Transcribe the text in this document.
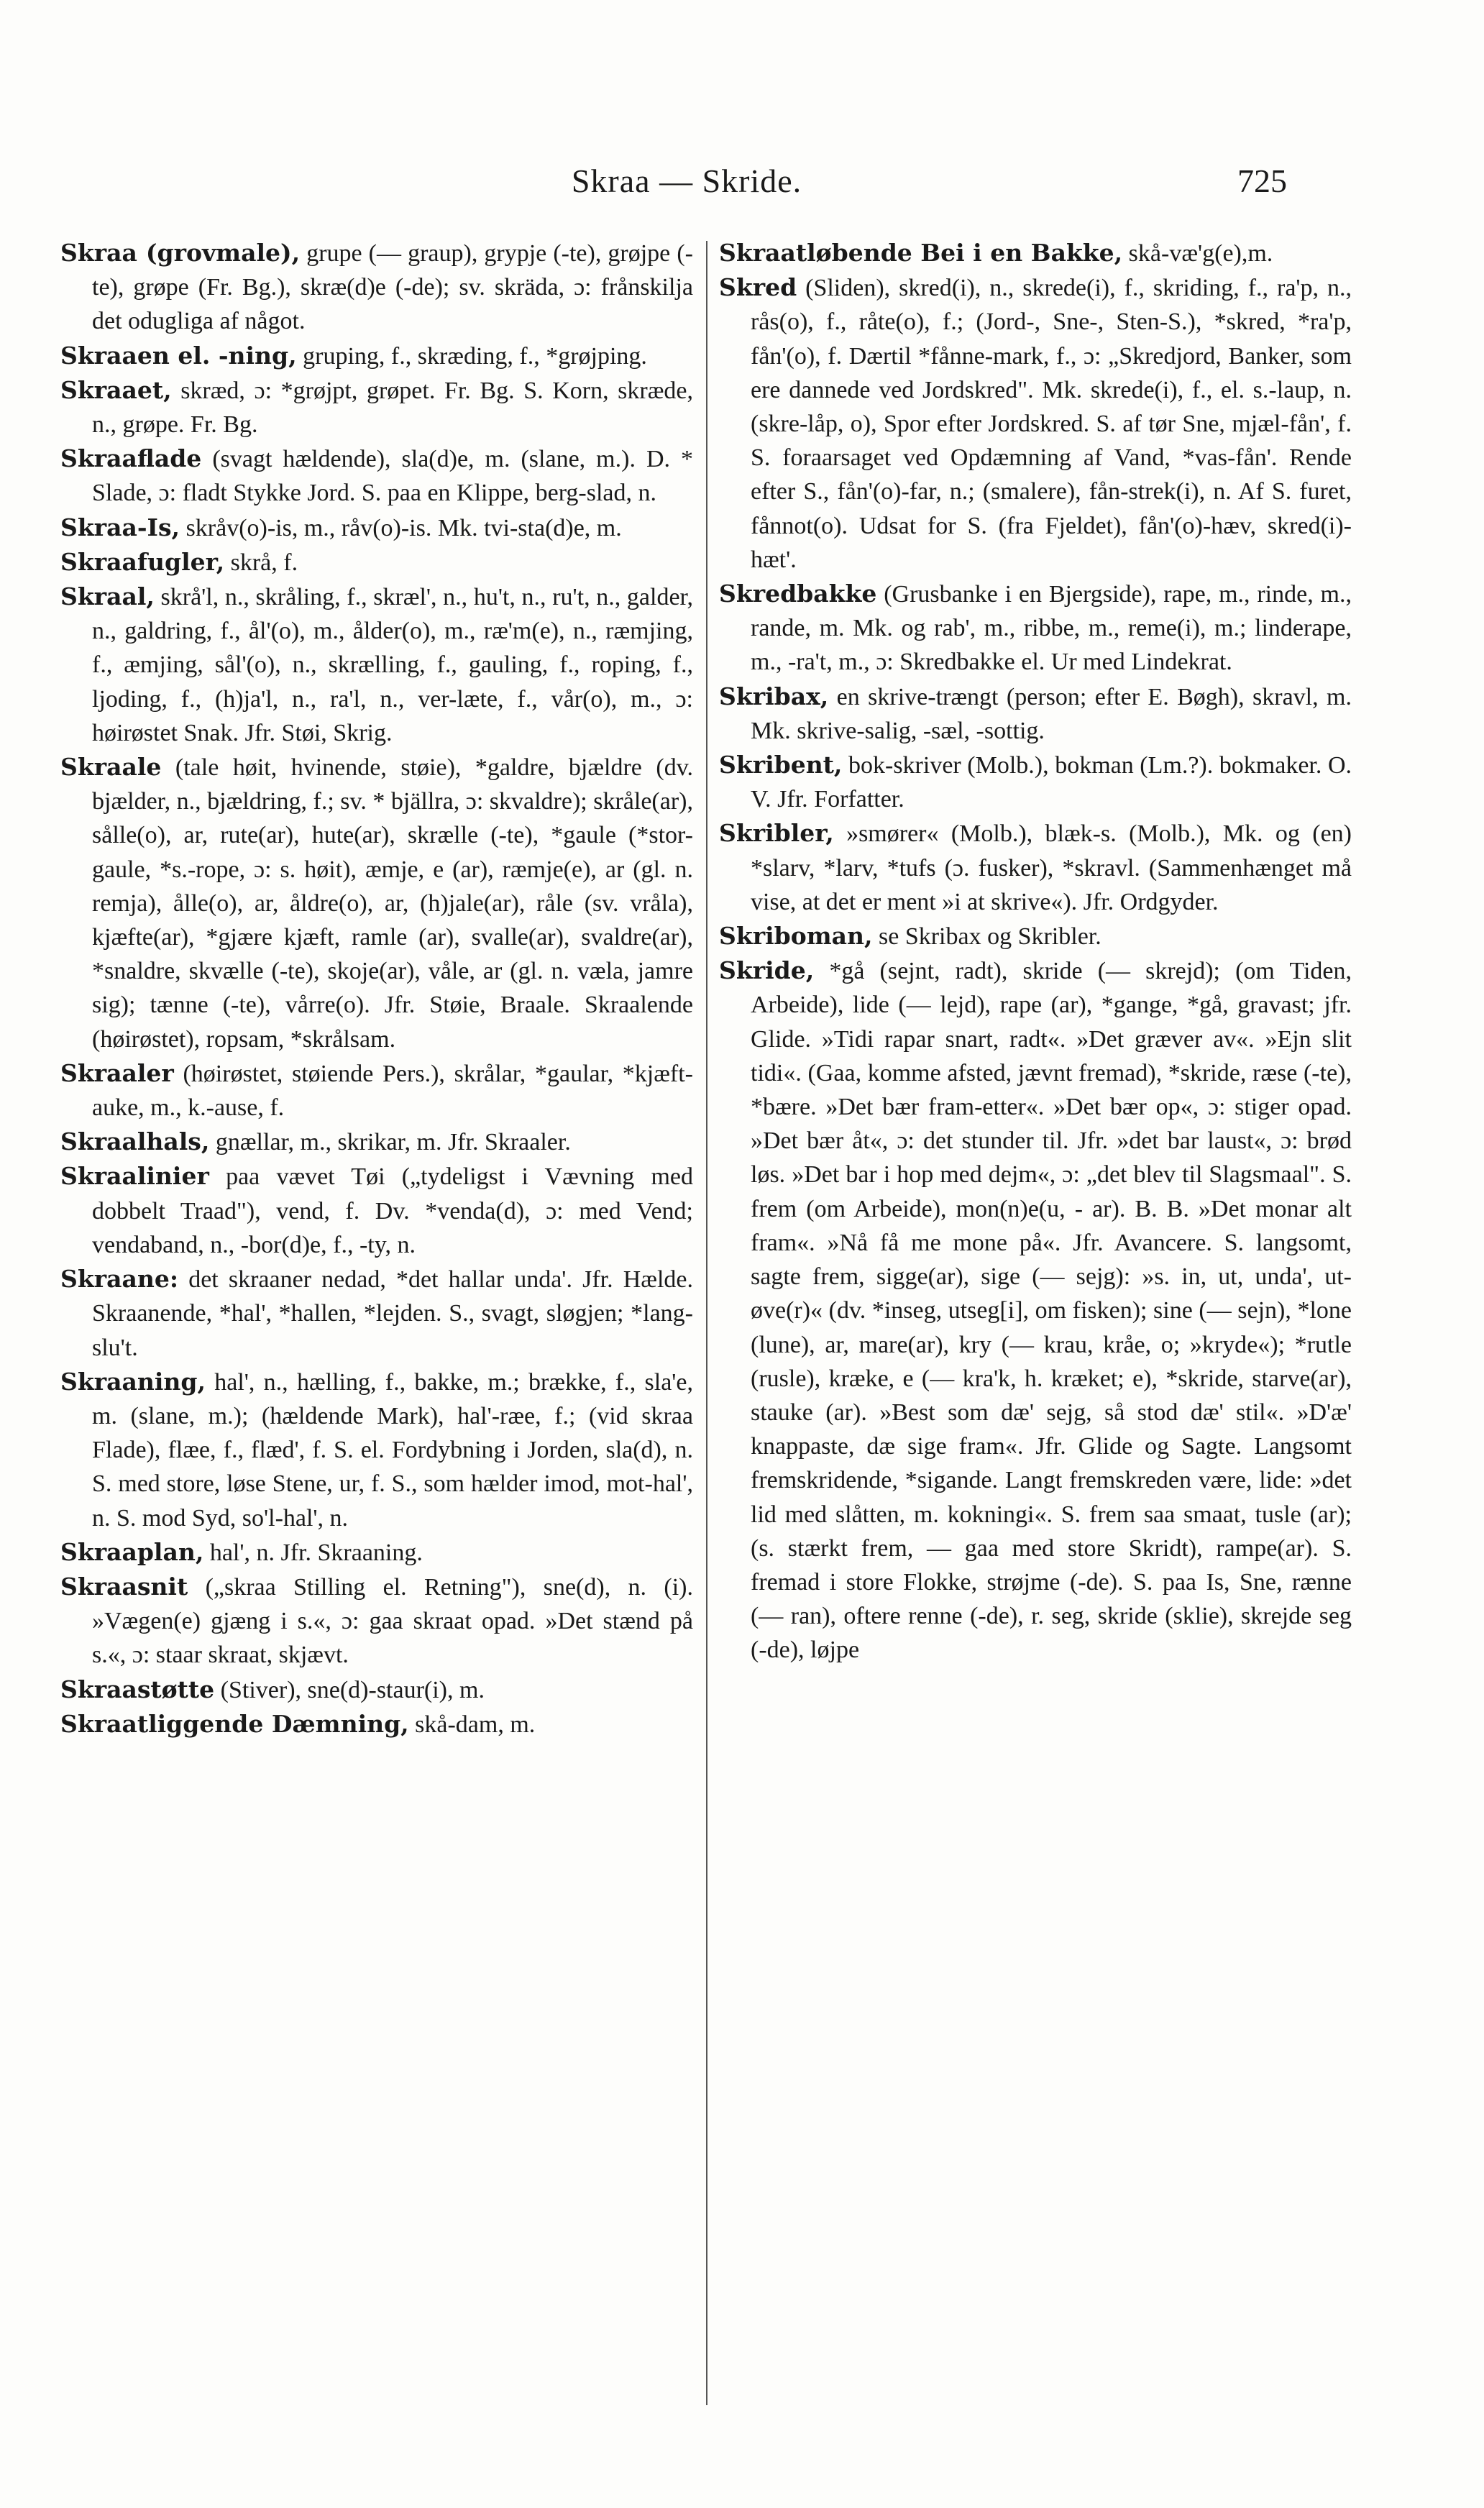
Skraa — Skride.	725

Skraa (grovmale), grupe (— graup), grypje (-te), grøjpe (-te), grøpe (Fr. Bg.), skræ(d)e (-de); sv. skräda, ɔ: frånskilja det odugliga af något.

Skraaen el. -ning, gruping, f., skræding, f., *grøjping.

Skraaet, skræd, ɔ: *grøjpt, grøpet. Fr. Bg. S. Korn, skræde, n., grøpe. Fr. Bg.

Skraaflade (svagt hældende), sla(d)e, m. (slane, m.). D. * Slade, ɔ: fladt Stykke Jord. S. paa en Klippe, berg-slad, n.

Skraa-Is, skråv(o)-is, m., råv(o)-is. Mk. tvi-sta(d)e, m.

Skraafugler, skrå, f.

Skraal, skrå'l, n., skråling, f., skræl', n., hu't, n., ru't, n., galder, n., galdring, f., ål'(o), m., ålder(o), m., ræ'm(e), n., ræmjing, f., æmjing, sål'(o), n., skrælling, f., gauling, f., roping, f., ljoding, f., (h)ja'l, n., ra'l, n., ver-læte, f., vår(o), m., ɔ: høirøstet Snak. Jfr. Støi, Skrig.

Skraale (tale høit, hvinende, støie), *galdre, bjældre (dv. bjælder, n., bjældring, f.; sv. * bjällra, ɔ: skvaldre); skråle(ar), sålle(o), ar, rute(ar), hute(ar), skrælle (-te), *gaule (*stor-gaule, *s.-rope, ɔ: s. høit), æmje, e (ar), ræmje(e), ar (gl. n. remja), ålle(o), ar, åldre(o), ar, (h)jale(ar), råle (sv. vråla), kjæfte(ar), *gjære kjæft, ramle (ar), svalle(ar), svaldre(ar), *snaldre, skvælle (-te), skoje(ar), våle, ar (gl. n. væla, jamre sig); tænne (-te), vårre(o). Jfr. Støie, Braale. Skraalende (høirøstet), ropsam, *skrålsam.

Skraaler (høirøstet, støiende Pers.), skrålar, *gaular, *kjæft-auke, m., k.-ause, f.

Skraalhals, gnællar, m., skrikar, m. Jfr. Skraaler.

Skraalinier paa vævet Tøi („tydeligst i Vævning med dobbelt Traad"), vend, f. Dv. *venda(d), ɔ: med Vend; vendaband, n., -bor(d)e, f., -ty, n.

Skraane: det skraaner nedad, *det hallar unda'. Jfr. Hælde. Skraanende, *hal', *hallen, *lejden. S., svagt, sløgjen; *lang-slu't.

Skraaning, hal', n., hælling, f., bakke, m.; brække, f., sla'e, m. (slane, m.); (hældende Mark), hal'-ræe, f.; (vid skraa Flade), flæe, f., flæd', f. S. el. Fordybning i Jorden, sla(d), n. S. med store, løse Stene, ur, f. S., som hælder imod, mot-hal', n. S. mod Syd, so'l-hal', n.

Skraaplan, hal', n. Jfr. Skraaning.

Skraasnit („skraa Stilling el. Retning"), sne(d), n. (i). »Vægen(e) gjæng i s.«, ɔ: gaa skraat opad. »Det stænd på s.«, ɔ: staar skraat, skjævt.

Skraastøtte (Stiver), sne(d)-staur(i), m.

Skraatliggende Dæmning, skå-dam, m.

Skraatløbende Bei i en Bakke, skå-væ'g(e),m.

Skred (Sliden), skred(i), n., skrede(i), f., skriding, f., ra'p, n., rås(o), f., råte(o), f.; (Jord-, Sne-, Sten-S.), *skred, *ra'p, fån'(o), f. Dærtil *fånne-mark, f., ɔ: „Skredjord, Banker, som ere dannede ved Jordskred". Mk. skrede(i), f., el. s.-laup, n. (skre-låp, o), Spor efter Jordskred. S. af tør Sne, mjæl-fån', f. S. foraarsaget ved Opdæmning af Vand, *vas-fån'. Rende efter S., fån'(o)-far, n.; (smalere), fån-strek(i), n. Af S. furet, fånnot(o). Udsat for S. (fra Fjeldet), fån'(o)-hæv, skred(i)-hæt'.

Skredbakke (Grusbanke i en Bjergside), rape, m., rinde, m., rande, m. Mk. og rab', m., ribbe, m., reme(i), m.; linderape, m., -ra't, m., ɔ: Skredbakke el. Ur med Lindekrat.

Skribax, en skrive-trængt (person; efter E. Bøgh), skravl, m. Mk. skrive-salig, -sæl, -sottig.

Skribent, bok-skriver (Molb.), bokman (Lm.?). bokmaker. O. V. Jfr. Forfatter.

Skribler, »smører« (Molb.), blæk-s. (Molb.), Mk. og (en) *slarv, *larv, *tufs (ɔ. fusker), *skravl. (Sammenhænget må vise, at det er ment »i at skrive«). Jfr. Ordgyder.

Skriboman, se Skribax og Skribler.

Skride, *gå (sejnt, radt), skride (— skrejd); (om Tiden, Arbeide), lide (— lejd), rape (ar), *gange, *gå, gravast; jfr. Glide. »Tidi rapar snart, radt«. »Det græver av«. »Ejn slit tidi«. (Gaa, komme afsted, jævnt fremad), *skride, ræse (-te), *bære. »Det bær fram-etter«. »Det bær op«, ɔ: stiger opad. »Det bær åt«, ɔ: det stunder til. Jfr. »det bar laust«, ɔ: brød løs. »Det bar i hop med dejm«, ɔ: „det blev til Slagsmaal". S. frem (om Arbeide), mon(n)e(u, - ar). B. B. »Det monar alt fram«. »Nå få me mone på«. Jfr. Avancere. S. langsomt, sagte frem, sigge(ar), sige (— sejg): »s. in, ut, unda', ut-øve(r)« (dv. *inseg, utseg[i], om fisken); sine (— sejn), *lone (lune), ar, mare(ar), kry (— krau, kråe, o; »kryde«); *rutle (rusle), kræke, e (— kra'k, h. kræket; e), *skride, starve(ar), stauke (ar). »Best som dæ' sejg, så stod dæ' stil«. »D'æ' knappaste, dæ sige fram«. Jfr. Glide og Sagte. Langsomt fremskridende, *sigande. Langt fremskreden være, lide: »det lid med slåtten, m. kokningi«. S. frem saa smaat, tusle (ar); (s. stærkt frem, — gaa med store Skridt), rampe(ar). S. fremad i store Flokke, strøjme (-de). S. paa Is, Sne, rænne (— ran), oftere renne (-de), r. seg, skride (sklie), skrejde seg (-de), løjpe
